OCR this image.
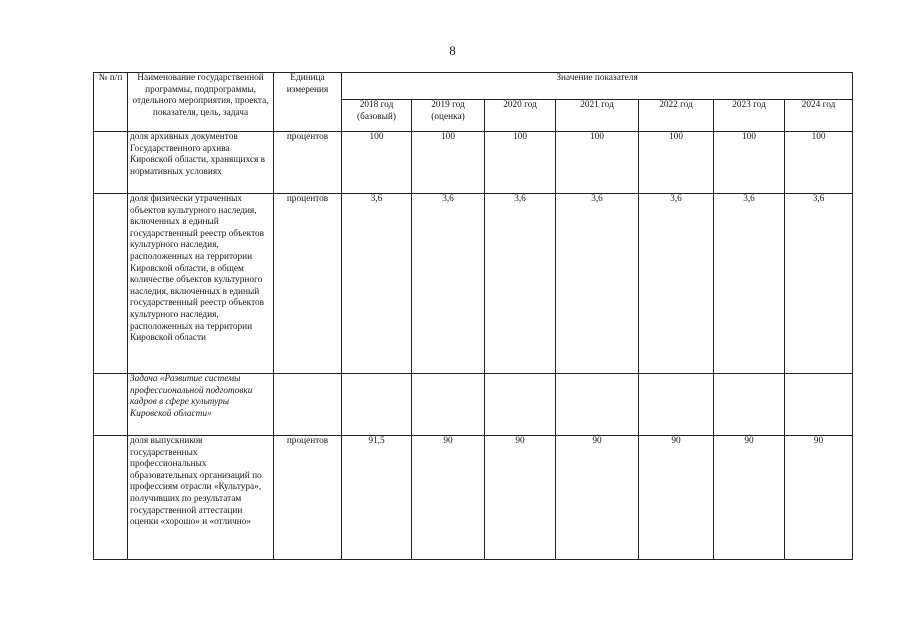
8
№ п/п	Наименование государственной программы, подпрограммы, отдельного мероприятия, проекта, показателя, цель, задача	Единица измерения	Значение показателя						
			2018 год (базовый)	2019 год (оценка)	2020 год	2021 год	2022 год	2023 год	2024 год
	доля архивных документов Государственного архива Кировской области, хранящихся в нормативных условиях	процентов	100	100	100	100	100	100	100
	доля физически утраченных объектов культурного наследия, включенных в единый государственный реестр объектов культурного наследия, расположенных на территории Кировской области, в общем количестве объектов культурного наследия, включенных в единый государственный реестр объектов культурного наследия, расположенных на территории Кировской области	процентов	3,6	3,6	3,6	3,6	3,6	3,6	3,6
	Задача «Развитие системы профессиональной подготовки кадров в сфере культуры Кировской области»								
	доля выпускников государственных профессиональных образовательных организаций по профессиям отрасли «Культура», получивших по результатам государственной аттестации оценки «хорошо» и «отлично»	процентов	91,5	90	90	90	90	90	90
